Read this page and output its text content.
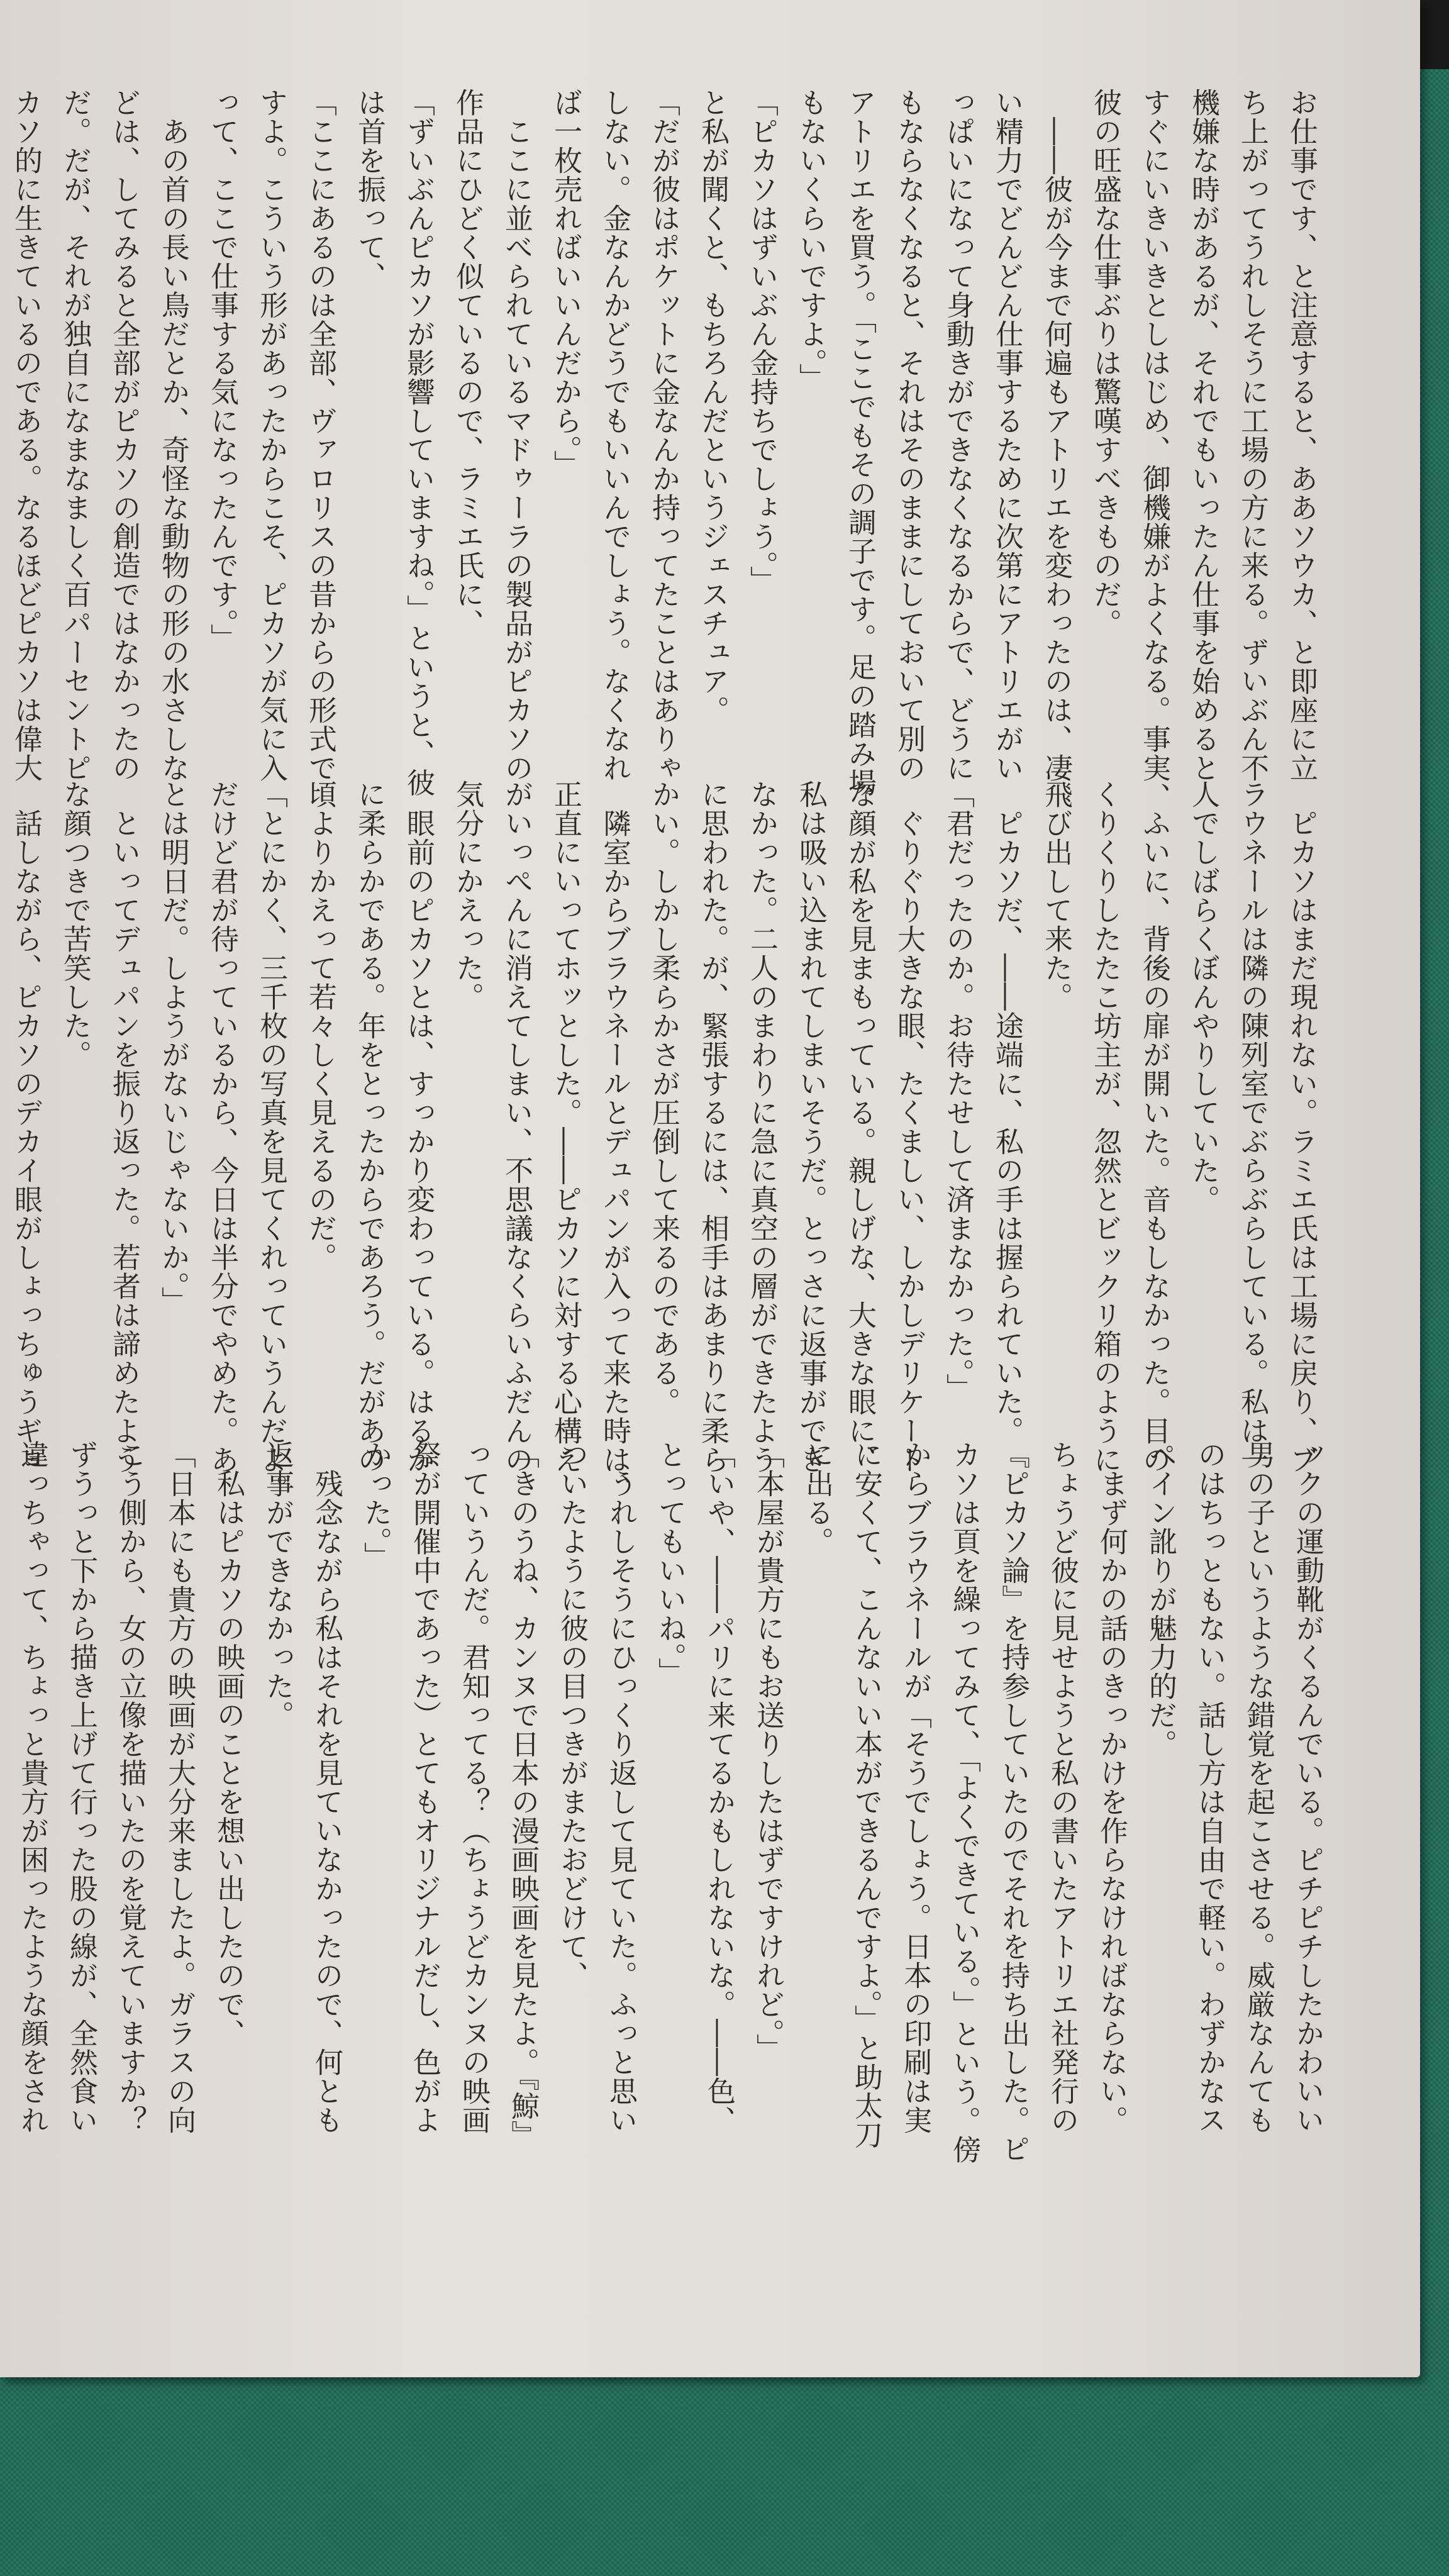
お仕事です、と注意すると、ああソウカ、と即座に立
ち上がってうれしそうに工場の方に来る。ずいぶん不
機嫌な時があるが、それでもいったん仕事を始めると
すぐにいきいきとしはじめ、御機嫌がよくなる。事実、
彼の旺盛な仕事ぶりは驚嘆すべきものだ。
　――彼が今まで何遍もアトリエを変わったのは、凄
い精力でどんどん仕事するために次第にアトリエがい
っぱいになって身動きができなくなるからで、どうに
もならなくなると、それはそのままにしておいて別の
アトリエを買う。「ここでもその調子です。足の踏み場
もないくらいですよ。」
「ピカソはずいぶん金持ちでしょう。」
と私が聞くと、もちろんだというジェスチュア。
「だが彼はポケットに金なんか持ってたことはありゃ
しない。金なんかどうでもいいんでしょう。なくなれ
ば一枚売ればいいんだから。」
　ここに並べられているマドゥーラの製品がピカソの
作品にひどく似ているので、ラミエ氏に、
「ずいぶんピカソが影響していますね。」というと、彼
は首を振って、
「ここにあるのは全部、ヴァロリスの昔からの形式で
すよ。こういう形があったからこそ、ピカソが気に入
って、ここで仕事する気になったんです。」
　あの首の長い鳥だとか、奇怪な動物の形の水さしな
どは、してみると全部がピカソの創造ではなかったの
だ。だが、それが独自になまなましく百パーセントピ
カソ的に生きているのである。なるほどピカソは偉大
　ピカソはまだ現れない。ラミエ氏は工場に戻り、ブ
ラウネールは隣の陳列室でぶらぶらしている。私は一
人でしばらくぼんやりしていた。
　ふいに、背後の扉が開いた。音もしなかった。目の
くりくりしたたこ坊主が、忽然とビックリ箱のように
飛び出して来た。
　ピカソだ、――途端に、私の手は握られていた。
「君だったのか。お待たせして済まなかった。」
　ぐりぐり大きな眼、たくましい、しかしデリケート
な顔が私を見まもっている。親しげな、大きな眼に、
私は吸い込まれてしまいそうだ。とっさに返事ができ
なかった。二人のまわりに急に真空の層ができたよう
に思われた。が、緊張するには、相手はあまりに柔ら
かい。しかし柔らかさが圧倒して来るのである。
　隣室からブラウネールとデュパンが入って来た時は、
正直にいってホッとした。――ピカソに対する心構え
がいっぺんに消えてしまい、不思議なくらいふだんの
気分にかえった。
　眼前のピカソとは、すっかり変わっている。はるか
に柔らかである。年をとったからであろう。だがあの
頃よりかえって若々しく見えるのだ。
「とにかく、三千枚の写真を見てくれっていうんだよ。
だけど君が待っているから、今日は半分でやめた。あ
とは明日だ。しようがないじゃないか。」
　といってデュパンを振り返った。若者は諦めたよう
な顔つきで苦笑した。
　話しながら、ピカソのデカイ眼がしょっちゅうギョ
ックの運動靴がくるんでいる。ピチピチしたかわいい
男の子というような錯覚を起こさせる。威厳なんても
のはちっともない。話し方は自由で軽い。わずかなス
ペイン訛りが魅力的だ。
　まず何かの話のきっかけを作らなければならない。
ちょうど彼に見せようと私の書いたアトリエ社発行の
『ピカソ論』を持参していたのでそれを持ち出した。ピ
カソは頁を繰ってみて、「よくできている。」という。傍
からブラウネールが「そうでしょう。日本の印刷は実
に安くて、こんないい本ができるんですよ。」と助太刀
に出る。
「本屋が貴方にもお送りしたはずですけれど。」
「いや、――パリに来てるかもしれないな。――色、
とってもいいね。」
　うれしそうにひっくり返して見ていた。ふっと思い
ついたように彼の目つきがまたおどけて、
「きのうね、カンヌで日本の漫画映画を見たよ。『鯨』
っていうんだ。君知ってる？（ちょうどカンヌの映画
祭が開催中であった）とてもオリジナルだし、色がよ
かった。」
　残念ながら私はそれを見ていなかったので、何とも
返事ができなかった。
　私はピカソの映画のことを想い出したので、
「日本にも貴方の映画が大分来ましたよ。ガラスの向
こう側から、女の立像を描いたのを覚えていますか？
ずうっと下から描き上げて行った股の線が、全然食い
違っちゃって、ちょっと貴方が困ったような顔をされ
